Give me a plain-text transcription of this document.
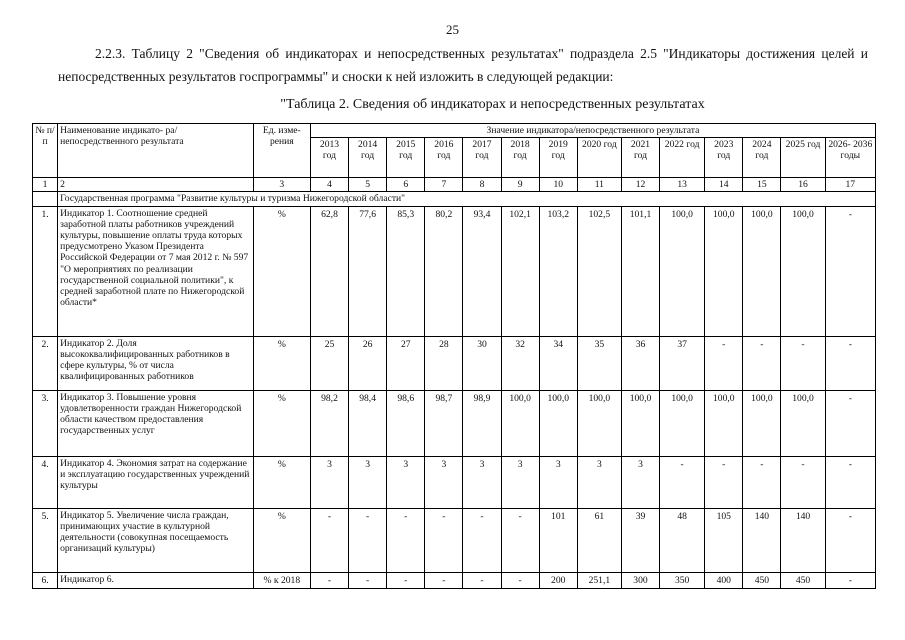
25
2.2.3. Таблицу 2 "Сведения об индикаторах и непосредственных результатах" подраздела 2.5 "Индикаторы достижения целей и непосредственных результатов госпрограммы" и сноски к ней изложить в следующей редакции:
"Таблица 2. Сведения об индикаторах и непосредственных результатах
№ п/п	Наименование индикато- ра/непосредственного результата	Ед. изме- рения	Значение индикатора/непосредственного результата													
			2013 год	2014 год	2015 год	2016 год	2017 год	2018 год	2019 год	2020 год	2021 год	2022 год	2023 год	2024 год	2025 год	2026- 2036 годы
1	2	3	4	5	6	7	8	9	10	11	12	13	14	15	16	17
	Государственная программа "Развитие культуры и туризма Нижегородской области"															
1.	Индикатор 1. Соотношение средней заработной платы работников учреждений культуры, повышение оплаты труда которых предусмотрено Указом Президента Российской Федерации от 7 мая 2012 г. № 597 "О мероприятиях по реализации государственной социальной политики", к средней заработной плате по Нижегородской области*	%	62,8	77,6	85,3	80,2	93,4	102,1	103,2	102,5	101,1	100,0	100,0	100,0	100,0	-
2.	Индикатор 2. Доля высококвалифицированных работников в сфере культуры, % от числа квалифицированных работников	%	25	26	27	28	30	32	34	35	36	37	-	-	-	-
3.	Индикатор 3. Повышение уровня удовлетворенности граждан Нижегородской области качеством предоставления государственных услуг	%	98,2	98,4	98,6	98,7	98,9	100,0	100,0	100,0	100,0	100,0	100,0	100,0	100,0	-
4.	Индикатор 4. Экономия затрат на содержание и эксплуатацию государственных учреждений культуры	%	3	3	3	3	3	3	3	3	3	-	-	-	-	-
5.	Индикатор 5. Увеличение числа граждан, принимающих участие в культурной деятельности (совокупная посещаемость организаций культуры)	%	-	-	-	-	-	-	101	61	39	48	105	140	140	-
6.	Индикатор 6.	% к 2018	-	-	-	-	-	-	200	251,1	300	350	400	450	450	-
